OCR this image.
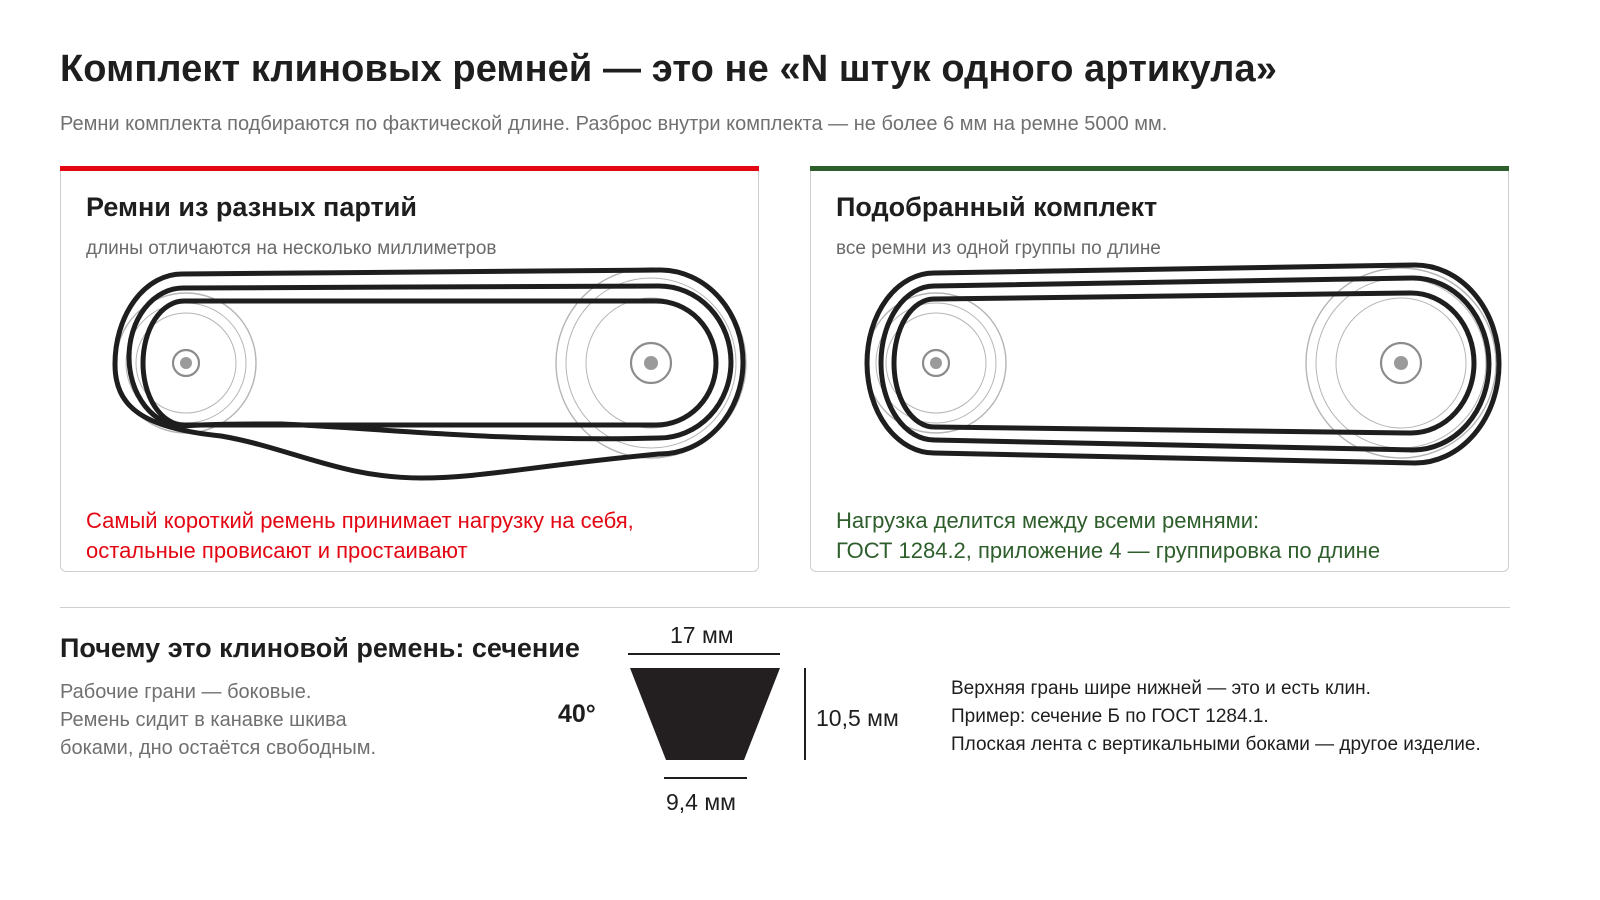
Комплект клиновых ремней — это не «N штук одного артикула»
Ремни комплекта подбираются по фактической длине. Разброс внутри комплекта — не более 6 мм на ремне 5000 мм.
Ремни из разных партий
длины отличаются на несколько миллиметров
Самый короткий ремень принимает нагрузку на себя,
остальные провисают и простаивают
Подобранный комплект
все ремни из одной группы по длине
Нагрузка делится между всеми ремнями:
ГОСТ 1284.2, приложение 4 — группировка по длине
Почему это клиновой ремень: сечение
Рабочие грани — боковые.
Ремень сидит в канавке шкива
боками, дно остаётся свободным.
40°
17 мм
9,4 мм
10,5 мм
Верхняя грань шире нижней — это и есть клин.
Пример: сечение Б по ГОСТ 1284.1.
Плоская лента с вертикальными боками — другое изделие.
